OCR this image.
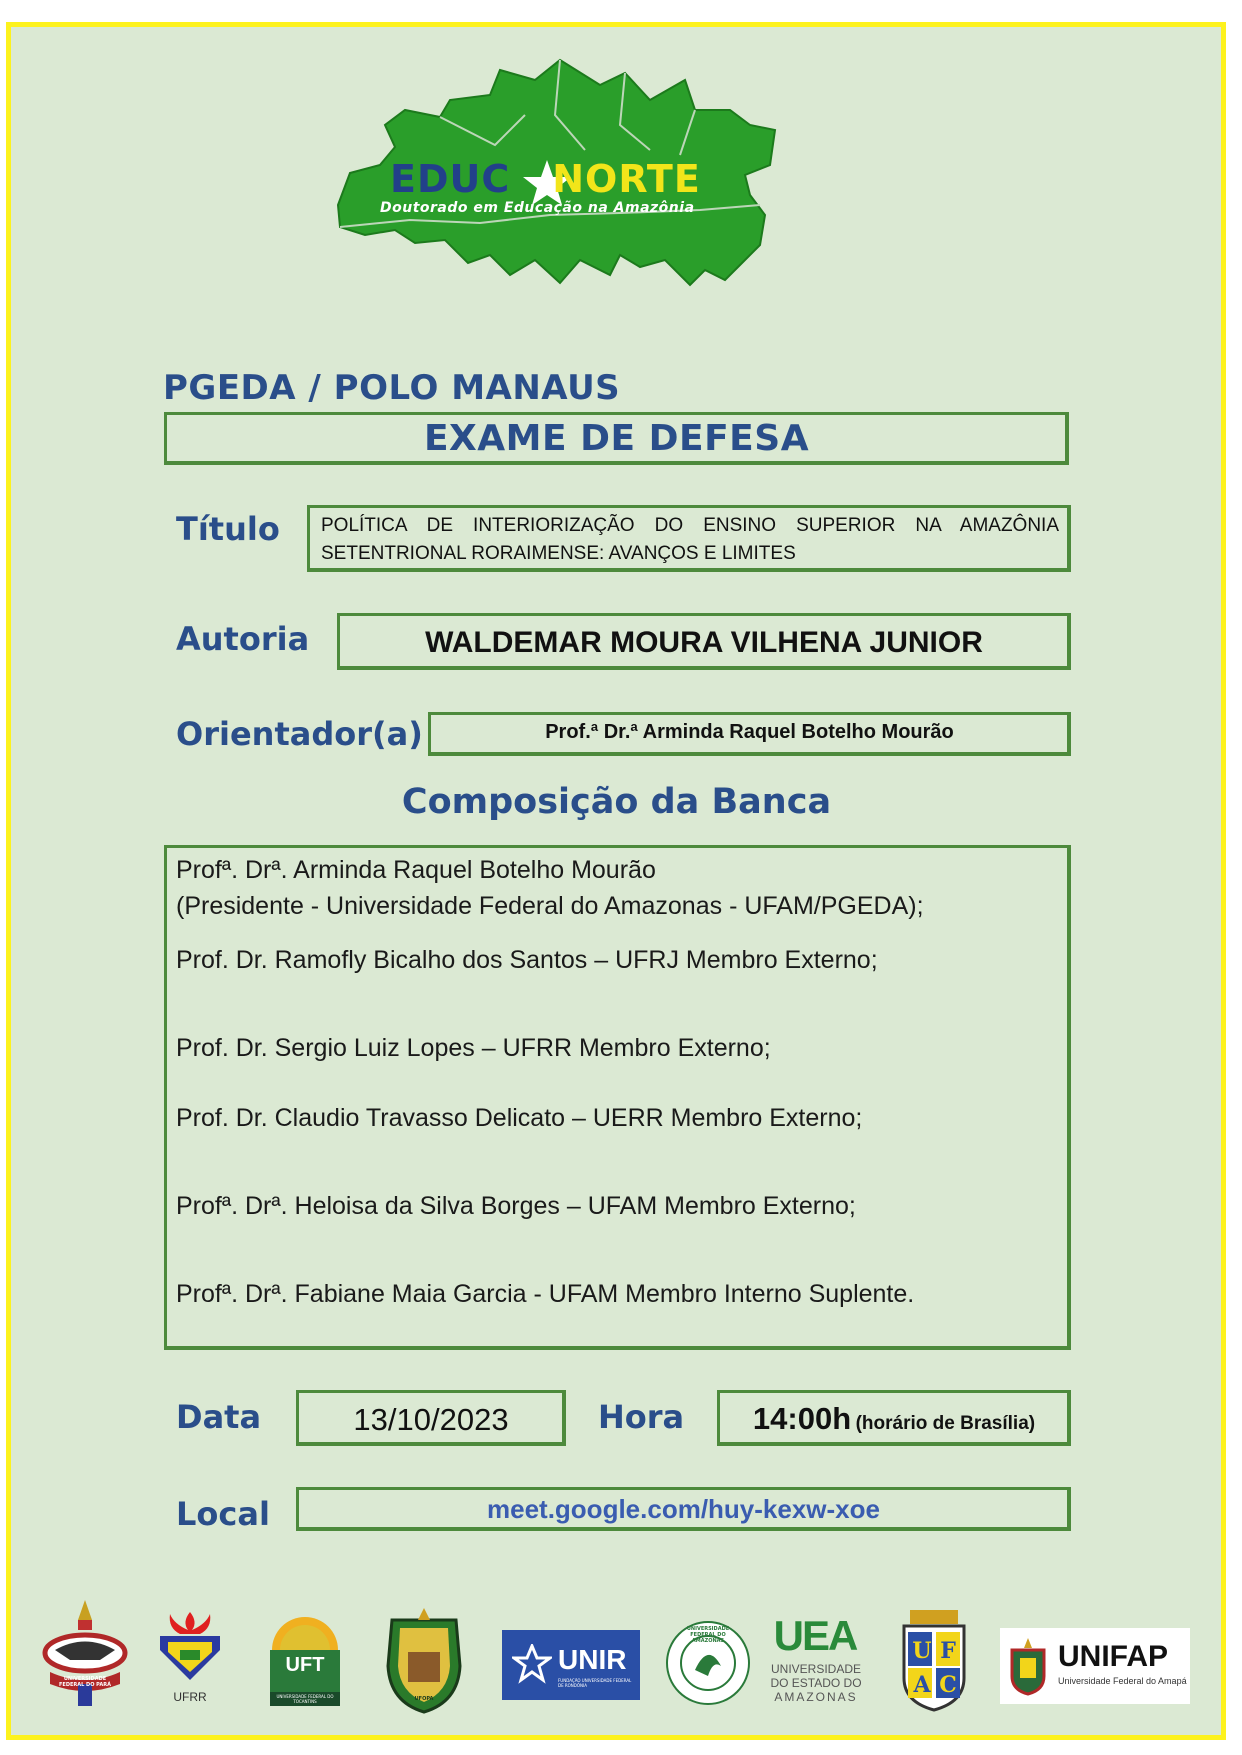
EDUC NORTE
Doutorado em Educação na Amazônia
PGEDA / POLO MANAUS
EXAME DE DEFESA
Título POLÍTICA DE INTERIORIZAÇÃO DO ENSINO SUPERIOR NA AMAZÔNIA
SETENTRIONAL RORAIMENSE: AVANÇOS E LIMITES
Autoria	WALDEMAR MOURA VILHENA JUNIOR
Orientador(a)	Prof.ª Dr.ª Arminda Raquel Botelho Mourão
Composição da Banca

Profª. Drª. Arminda Raquel Botelho Mourão

(Presidente - Universidade Federal do Amazonas - UFAM/PGEDA);

Prof. Dr. Ramofly Bicalho dos Santos – UFRJ Membro Externo;

Prof. Dr. Sergio Luiz Lopes – UFRR Membro Externo;

Prof. Dr. Claudio Travasso Delicato – UERR Membro Externo;

Profª. Drª. Heloisa da Silva Borges – UFAM Membro Externo;

Profª. Drª. Fabiane Maia Garcia - UFAM Membro Interno Suplente.

Data	13/10/2023	Hora	14:00h (horário de Brasília)
Local	meet.google.com/huy-kexw-xoe
UNIVERSIDADE FEDERAL DO PARÁ
UFRR
UFT
UNIVERSIDADE FEDERAL DO TOCANTINS	UFOPA
UNIR
FUNDAÇÃO UNIVERSIDADE FEDERAL DE RONDÔNIA
UNIVERSIDADE FEDERAL DO AMAZONAS	UEA
UNIVERSIDADE
DO ESTADO DO
AMAZONAS
U F
A C
UNIFAP
Universidade Federal do Amapá
